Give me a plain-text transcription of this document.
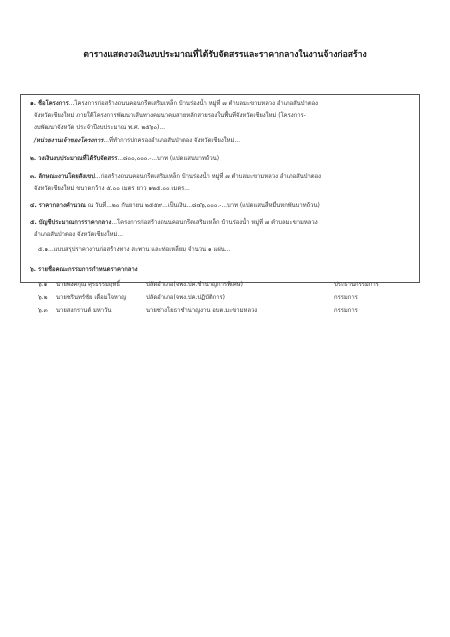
ตารางแสดงวงเงินงบประมาณที่ได้รับจัดสรรและราคากลางในงานจ้างก่อสร้าง
๑. ชื่อโครงการ...โครงการก่อสร้างถนนคอนกรีตเสริมเหล็ก บ้านร่องน้ำ หมู่ที่ ๗ ตำบลมะขามหลวง อำเภอสันป่าตอง
จังหวัดเชียงใหม่ ภายใต้โครงการพัฒนาเส้นทางคมนาคมสายหลักสายรองในพื้นที่จังหวัดเชียงใหม่ (โครงการ-
งบพัฒนาจังหวัด ประจำปีงบประมาณ พ.ศ. ๒๕๖๐)...
/หน่วยงานเจ้าของโครงการ...ที่ทำการปกครองอำเภอสันป่าตอง จังหวัดเชียงใหม่...
๒. วงเงินงบประมาณที่ได้รับจัดสรร...๘๐๐,๐๐๐.-...บาท (แปดแสนบาทถ้วน)
๓. ลักษณะงานโดยสังเขป...ก่อสร้างถนนคอนกรีตเสริมเหล็ก บ้านร่องน้ำ หมู่ที่ ๗ ตำบลมะขามหลวง อำเภอสันป่าตอง
จังหวัดเชียงใหม่ ขนาดกว้าง ๕.๐๐ เมตร ยาว ๑๒๕.๐๐ เมตร...
๔. ราคากลางคำนวณ ณ วันที่...๒๐ กันยายน ๒๕๕๙...เป็นเงิน...๘๔๖,๐๐๐.-...บาท (แปดแสนสี่หมื่นหกพันบาทถ้วน)
๕. บัญชีประมาณการราคากลาง...โครงการก่อสร้างถนนคอนกรีตเสริมเหล็ก บ้านร่องน้ำ หมู่ที่ ๗ ตำบลมะขามหลวง
อำเภอสันป่าตอง จังหวัดเชียงใหม่...
๕.๑...แบบสรุปราคางานก่อสร้างทาง สะพาน และท่อเหลี่ยม จำนวน ๑ แผ่น...
๖. รายชื่อคณะกรรมการกำหนดราคากลาง
๖.๑ นายพงศกุณ ศุรธรรมฤทธิ์	ปลัดอำเภอ(จพง.ปค.ชำนาญการพิเศษ)	ประธานกรรมการ
๖.๒ นายชรินทร์ชัย เดื่อมใจหาญ	ปลัดอำเภอ(จพง.ปค.ปฏิบัติการ)	กรรมการ
๖.๓ นายสงกรานต์ มหาวัน	นายช่างโยธาชำนาญงาน อบต.มะขามหลวง	กรรมการ
